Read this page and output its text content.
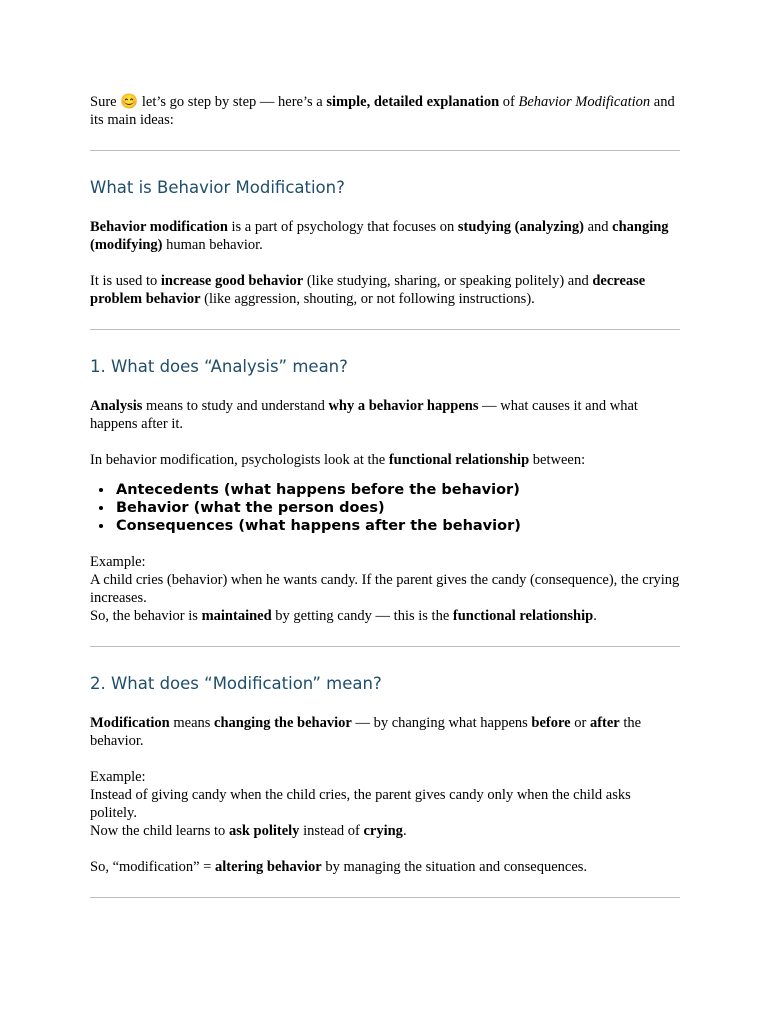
Sure 😊 let’s go step by step — here’s a simple, detailed explanation of Behavior Modification and its main ideas:

What is Behavior Modification?

Behavior modification is a part of psychology that focuses on studying (analyzing) and changing (modifying) human behavior.

It is used to increase good behavior (like studying, sharing, or speaking politely) and decrease problem behavior (like aggression, shouting, or not following instructions).

1. What does “Analysis” mean?

Analysis means to study and understand why a behavior happens — what causes it and what happens after it.

In behavior modification, psychologists look at the functional relationship between:

• Antecedents (what happens before the behavior)
• Behavior (what the person does)
• Consequences (what happens after the behavior)

Example:

A child cries (behavior) when he wants candy. If the parent gives the candy (consequence), the crying increases.

So, the behavior is maintained by getting candy — this is the functional relationship.

2. What does “Modification” mean?

Modification means changing the behavior — by changing what happens before or after the behavior.

Example:

Instead of giving candy when the child cries, the parent gives candy only when the child asks politely.

Now the child learns to ask politely instead of crying.

So, “modification” = altering behavior by managing the situation and consequences.
